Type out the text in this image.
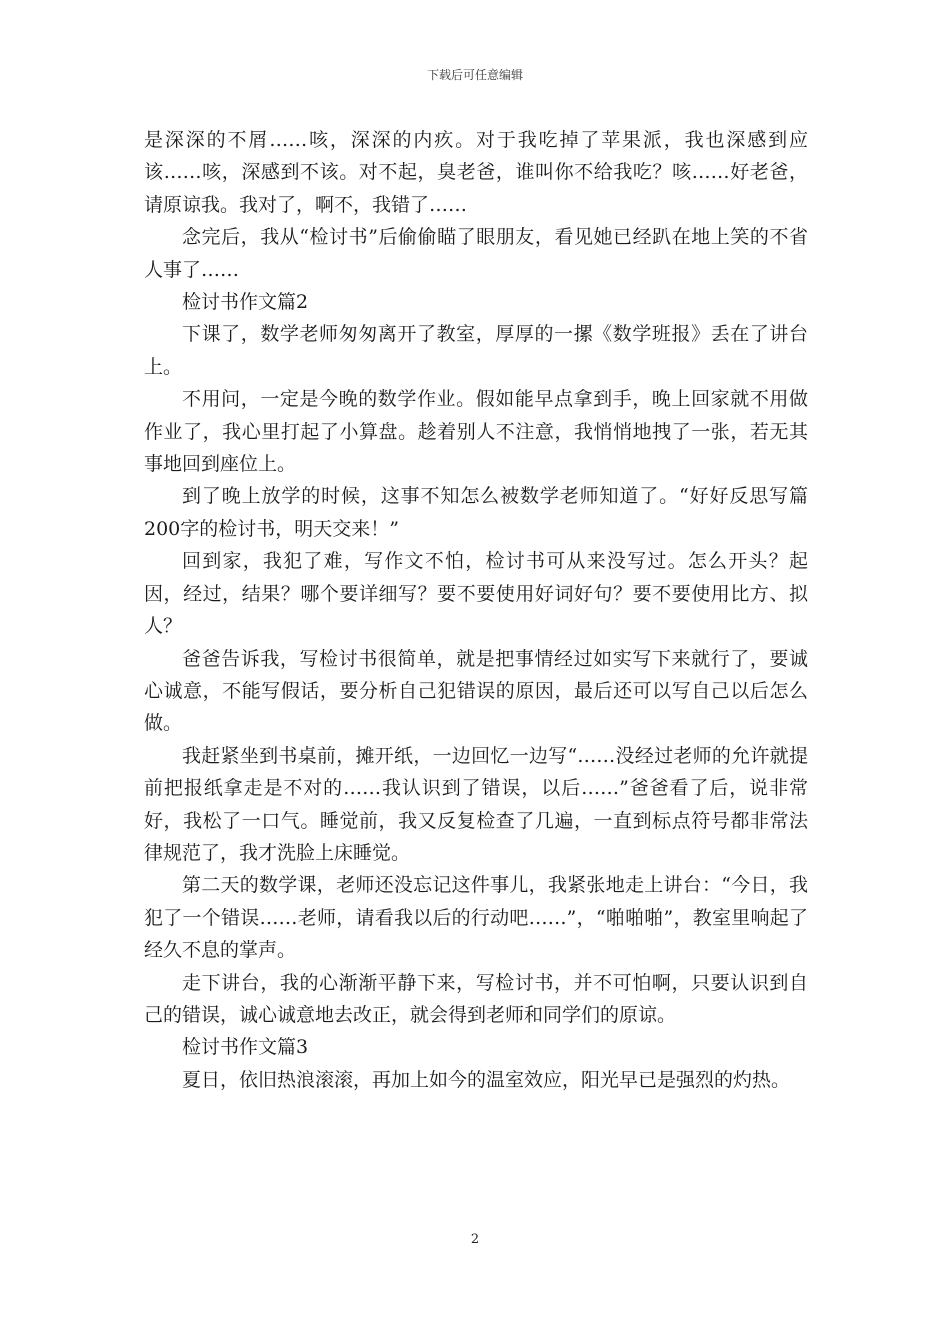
下载后可任意编辑

是深深的不屑……咳，深深的内疚。对于我吃掉了苹果派，我也深感到应该……咳，深感到不该。对不起，臭老爸，谁叫你不给我吃？咳……好老爸，请原谅我。我对了，啊不，我错了……

念完后，我从“检讨书”后偷偷瞄了眼朋友，看见她已经趴在地上笑的不省人事了……

检讨书作文篇2

下课了，数学老师匆匆离开了教室，厚厚的一摞《数学班报》丢在了讲台上。

不用问，一定是今晚的数学作业。假如能早点拿到手，晚上回家就不用做作业了，我心里打起了小算盘。趁着别人不注意，我悄悄地拽了一张，若无其事地回到座位上。

到了晚上放学的时候，这事不知怎么被数学老师知道了。“好好反思写篇200字的检讨书，明天交来！”

回到家，我犯了难，写作文不怕，检讨书可从来没写过。怎么开头？起因，经过，结果？哪个要详细写？要不要使用好词好句？要不要使用比方、拟人？

爸爸告诉我，写检讨书很简单，就是把事情经过如实写下来就行了，要诚心诚意，不能写假话，要分析自己犯错误的原因，最后还可以写自己以后怎么做。

我赶紧坐到书桌前，摊开纸，一边回忆一边写“……没经过老师的允许就提前把报纸拿走是不对的……我认识到了错误，以后……”爸爸看了后，说非常好，我松了一口气。睡觉前，我又反复检查了几遍，一直到标点符号都非常法律规范了，我才洗脸上床睡觉。

第二天的数学课，老师还没忘记这件事儿，我紧张地走上讲台：“今日，我犯了一个错误……老师，请看我以后的行动吧……”，“啪啪啪”，教室里响起了经久不息的掌声。

走下讲台，我的心渐渐平静下来，写检讨书，并不可怕啊，只要认识到自己的错误，诚心诚意地去改正，就会得到老师和同学们的原谅。

检讨书作文篇3

夏日，依旧热浪滚滚，再加上如今的温室效应，阳光早已是强烈的灼热。

2
